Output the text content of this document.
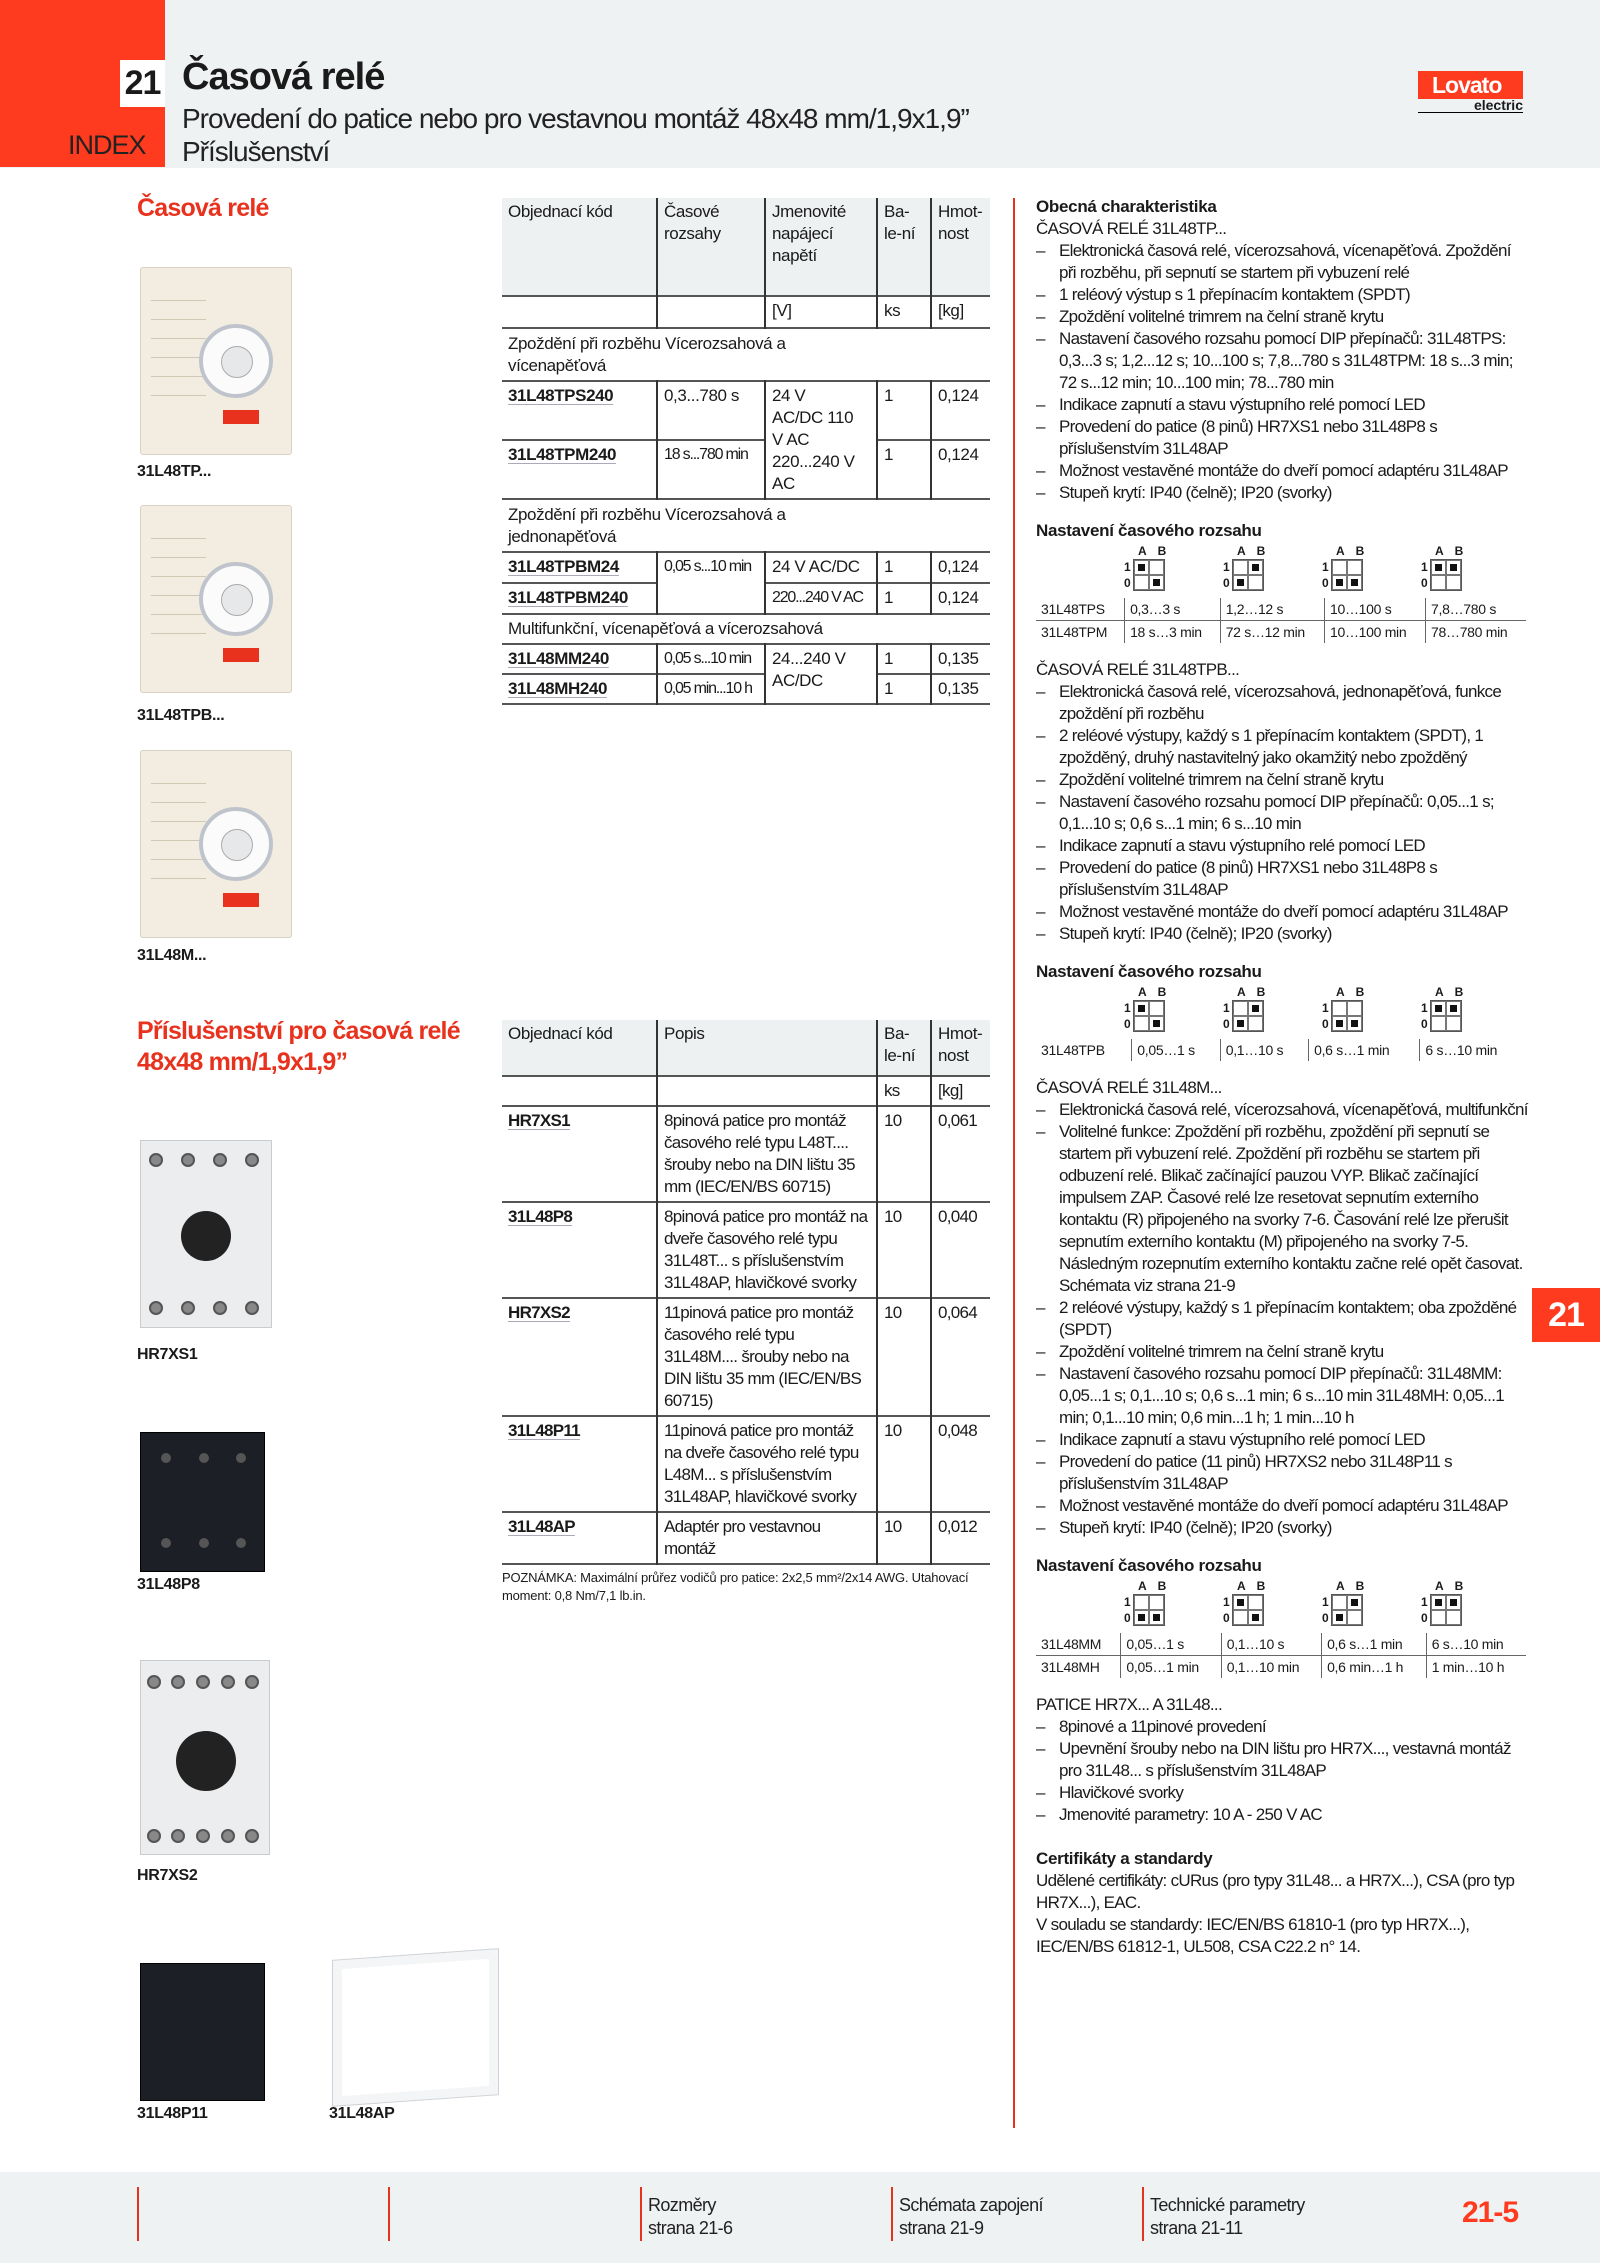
21
INDEX
Časová relé
Provedení do patice nebo pro vestavnou montáž 48x48 mm/1,9x1,9”
Příslušenství
Lovato
electric
Časová relé
31L48TP...
31L48TPB...
31L48M...
Příslušenství pro časová relé 48x48 mm/1,9x1,9”
HR7XS1
31L48P8
HR7XS2
31L48P11	31L48AP
Objednací kód	Časové rozsahy	Jmenovité napájecí napětí	Ba-le-ní	Hmot-nost
		[V]	ks	[kg]
Zpoždění při rozběhu Vícerozsahová a vícenapěťová				
31L48TPS240	0,3...780 s	24 V AC/DC 110 V AC 220...240 V AC	1	0,124
31L48TPM240	18 s...780 min		1	0,124
Zpoždění při rozběhu Vícerozsahová a jednonapěťová				
31L48TPBM24	0,05 s...10 min	24 V AC/DC	1	0,124
31L48TPBM240		220...240 V AC	1	0,124
Multifunkční, vícenapěťová a vícerozsahová				
31L48MM240	0,05 s...10 min	24...240 V AC/DC	1	0,135
31L48MH240	0,05 min...10 h		1	0,135
Objednací kód	Popis	Ba-le-ní	Hmot-nost
		ks	[kg]
HR7XS1	8pinová patice pro montáž časového relé typu L48T.... šrouby nebo na DIN lištu 35 mm (IEC/EN/BS 60715)	10	0,061
31L48P8	8pinová patice pro montáž na dveře časového relé typu 31L48T... s příslušenstvím 31L48AP, hlavičkové svorky	10	0,040
HR7XS2	11pinová patice pro montáž časového relé typu 31L48M.... šrouby nebo na DIN lištu 35 mm (IEC/EN/BS 60715)	10	0,064
31L48P11	11pinová patice pro montáž na dveře časového relé typu L48M... s příslušenstvím 31L48AP, hlavičkové svorky	10	0,048
31L48AP	Adaptér pro vestavnou montáž	10	0,012
POZNÁMKA: Maximální průřez vodičů pro patice: 2x2,5 mm²/2x14 AWG. Utahovací moment: 0,8 Nm/7,1 lb.in.
Obecná charakteristika
ČASOVÁ RELÉ 31L48TP...
– Elektronická časová relé, vícerozsahová, vícenapěťová. Zpoždění při rozběhu, při sepnutí se startem při vybuzení relé
– 1 reléový výstup s 1 přepínacím kontaktem (SPDT)
– Zpoždění volitelné trimrem na čelní straně krytu
– Nastavení časového rozsahu pomocí DIP přepínačů: 31L48TPS: 0,3...3 s; 1,2...12 s; 10...100 s; 7,8...780 s 31L48TPM: 18 s...3 min; 72 s...12 min; 10...100 min; 78...780 min
– Indikace zapnutí a stavu výstupního relé pomocí LED
– Provedení do patice (8 pinů) HR7XS1 nebo 31L48P8 s příslušenstvím 31L48AP
– Možnost vestavěné montáže do dveří pomocí adaptéru 31L48AP
– Stupeň krytí: IP40 (čelně); IP20 (svorky)
Nastavení časového rozsahu
A B
1
0
A B
1
0
A B
1
0
A B
1
0
31L48TPS	0,3…3 s	1,2…12 s	10…100 s	7,8…780 s
31L48TPM	18 s…3 min	72 s…12 min	10…100 min	78…780 min
ČASOVÁ RELÉ 31L48TPB...
– Elektronická časová relé, vícerozsahová, jednonapěťová, funkce zpoždění při rozběhu
– 2 reléové výstupy, každý s 1 přepínacím kontaktem (SPDT), 1 zpožděný, druhý nastavitelný jako okamžitý nebo zpožděný
– Zpoždění volitelné trimrem na čelní straně krytu
– Nastavení časového rozsahu pomocí DIP přepínačů: 0,05...1 s; 0,1...10 s; 0,6 s...1 min; 6 s...10 min
– Indikace zapnutí a stavu výstupního relé pomocí LED
– Provedení do patice (8 pinů) HR7XS1 nebo 31L48P8 s příslušenstvím 31L48AP
– Možnost vestavěné montáže do dveří pomocí adaptéru 31L48AP
– Stupeň krytí: IP40 (čelně); IP20 (svorky)
Nastavení časového rozsahu
A B
1
0
A B
1
0
A B
1
0
A B
1
0
31L48TPB	0,05…1 s	0,1…10 s	0,6 s…1 min	6 s…10 min
ČASOVÁ RELÉ 31L48M...
– Elektronická časová relé, vícerozsahová, vícenapěťová, multifunkční
– Volitelné funkce: Zpoždění při rozběhu, zpoždění při sepnutí se startem při vybuzení relé. Zpoždění při rozběhu se startem při odbuzení relé. Blikač začínající pauzou VYP. Blikač začínající impulsem ZAP. Časové relé lze resetovat sepnutím externího kontaktu (R) připojeného na svorky 7-6. Časování relé lze přerušit sepnutím externího kontaktu (M) připojeného na svorky 7-5. Následným rozepnutím externího kontaktu začne relé opět časovat. Schémata viz strana 21-9
– 2 reléové výstupy, každý s 1 přepínacím kontaktem; oba zpožděné (SPDT)
– Zpoždění volitelné trimrem na čelní straně krytu
– Nastavení časového rozsahu pomocí DIP přepínačů: 31L48MM: 0,05...1 s; 0,1...10 s; 0,6 s...1 min; 6 s...10 min 31L48MH: 0,05...1 min; 0,1...10 min; 0,6 min...1 h; 1 min...10 h
– Indikace zapnutí a stavu výstupního relé pomocí LED
– Provedení do patice (11 pinů) HR7XS2 nebo 31L48P11 s příslušenstvím 31L48AP
– Možnost vestavěné montáže do dveří pomocí adaptéru 31L48AP
– Stupeň krytí: IP40 (čelně); IP20 (svorky)
Nastavení časového rozsahu
A B
1
0
A B
1
0
A B
1
0
A B
1
0
31L48MM	0,05…1 s	0,1…10 s	0,6 s…1 min	6 s…10 min
31L48MH	0,05…1 min	0,1…10 min	0,6 min…1 h	1 min…10 h
PATICE HR7X... A 31L48...
– 8pinové a 11pinové provedení
– Upevnění šrouby nebo na DIN lištu pro HR7X..., vestavná montáž pro 31L48... s příslušenstvím 31L48AP
– Hlavičkové svorky
– Jmenovité parametry: 10 A - 250 V AC
Certifikáty a standardy
Udělené certifikáty: cURus (pro typy 31L48... a HR7X...), CSA (pro typ HR7X...), EAC.
V souladu se standardy: IEC/EN/BS 61810-1 (pro typ HR7X...), IEC/EN/BS 61812-1, UL508, CSA C22.2 n° 14.
21
Rozměry
strana 21-6
Schémata zapojení
strana 21-9
Technické parametry
strana 21-11	21-5
